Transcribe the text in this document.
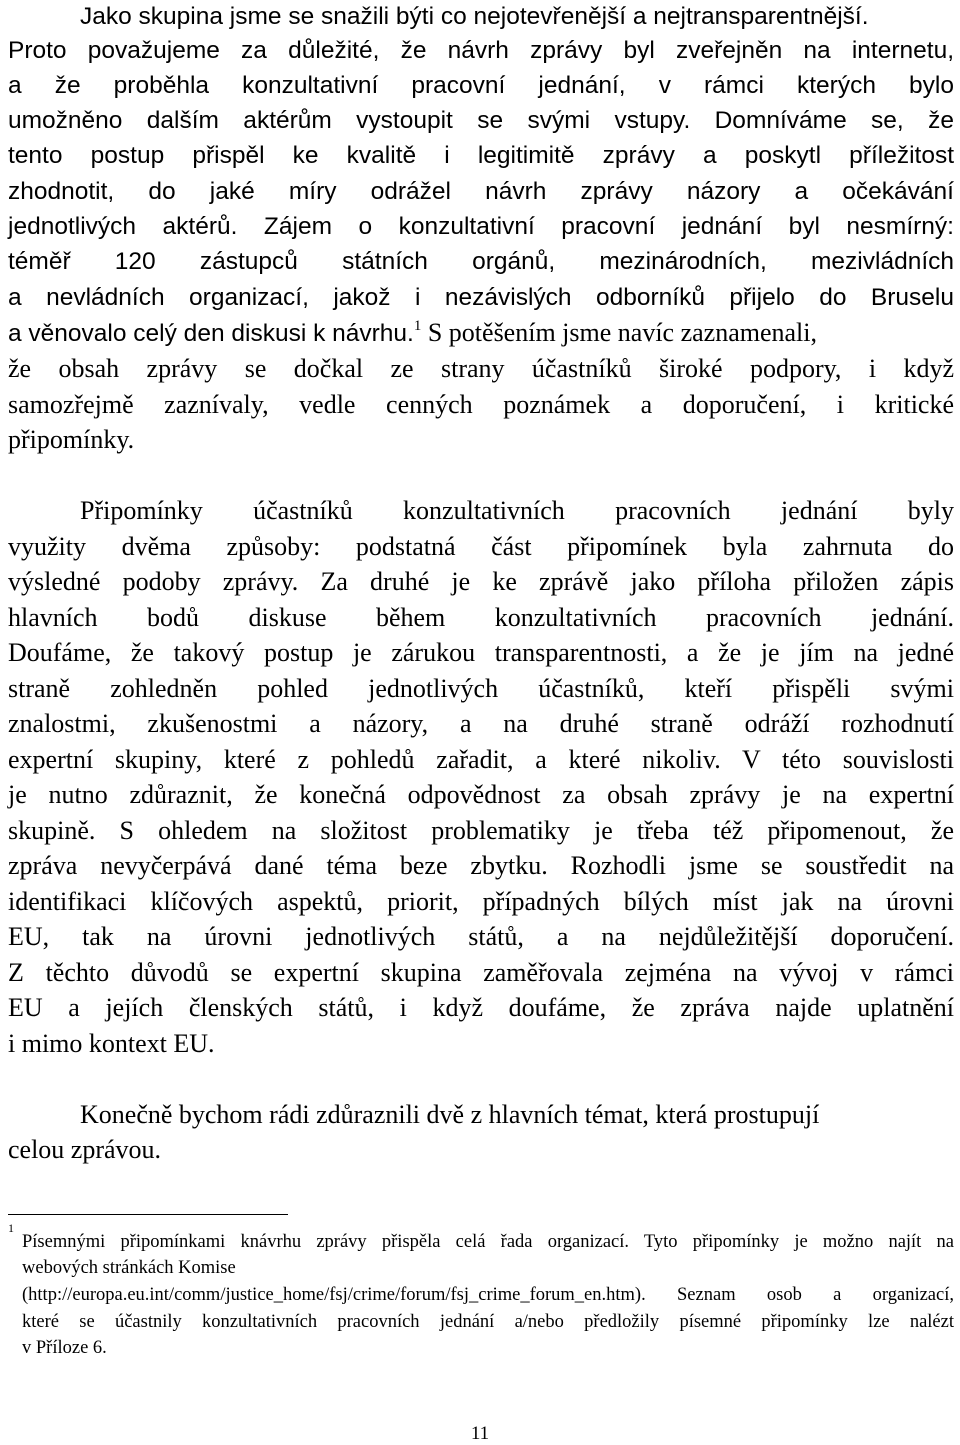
Jako skupina jsme se snažili býti co nejotevřenější a nejtransparentnější.
Proto považujeme za důležité, že návrh zprávy byl zveřejněn na internetu,
a že proběhla konzultativní pracovní jednání, v rámci kterých bylo
umožněno dalším aktérům vystoupit se svými vstupy. Domníváme se, že
tento postup přispěl ke kvalitě i legitimitě zprávy a poskytl příležitost
zhodnotit, do jaké míry odrážel návrh zprávy názory a očekávání
jednotlivých aktérů. Zájem o konzultativní pracovní jednání byl nesmírný:
téměř 120 zástupců státních orgánů, mezinárodních, mezivládních
a nevládních organizací, jakož i nezávislých odborníků přijelo do Bruselu
a věnovalo celý den diskusi k návrhu.$^1$ S potěšením jsme navíc zaznamenali,
že obsah zprávy se dočkal ze strany účastníků široké podpory, i když
samozřejmě zaznívaly, vedle cenných poznámek a doporučení, i kritické
připomínky.
Připomínky účastníků konzultativních pracovních jednání byly
využity dvěma způsoby: podstatná část připomínek byla zahrnuta do
výsledné podoby zprávy. Za druhé je ke zprávě jako příloha přiložen zápis
hlavních bodů diskuse během konzultativních pracovních jednání.
Doufáme, že takový postup je zárukou transparentnosti, a že je jím na jedné
straně zohledněn pohled jednotlivých účastníků, kteří přispěli svými
znalostmi, zkušenostmi a názory, a na druhé straně odráží rozhodnutí
expertní skupiny, které z pohledů zařadit, a které nikoliv. V této souvislosti
je nutno zdůraznit, že konečná odpovědnost za obsah zprávy je na expertní
skupině. S ohledem na složitost problematiky je třeba též připomenout, že
zpráva nevyčerpává dané téma beze zbytku. Rozhodli jsme se soustředit na
identifikaci klíčových aspektů, priorit, případných bílých míst jak na úrovni
EU, tak na úrovni jednotlivých států, a na nejdůležitější doporučení.
Z těchto důvodů se expertní skupina zaměřovala zejména na vývoj v rámci
EU a jejích členských států, i když doufáme, že zpráva najde uplatnění
i mimo kontext EU.
Konečně bychom rádi zdůraznili dvě z hlavních témat, která prostupují
celou zprávou.
1
Písemnými připomínkami knávrhu zprávy přispěla celá řada organizací. Tyto připomínky je možno najít na
webových stránkách Komise
(http://europa.eu.int/comm/justice_home/fsj/crime/forum/fsj_crime_forum_en.htm). Seznam osob a organizací,
které se účastnily konzultativních pracovních jednání a/nebo předložily písemné připomínky lze nalézt
v Příloze 6.
11
